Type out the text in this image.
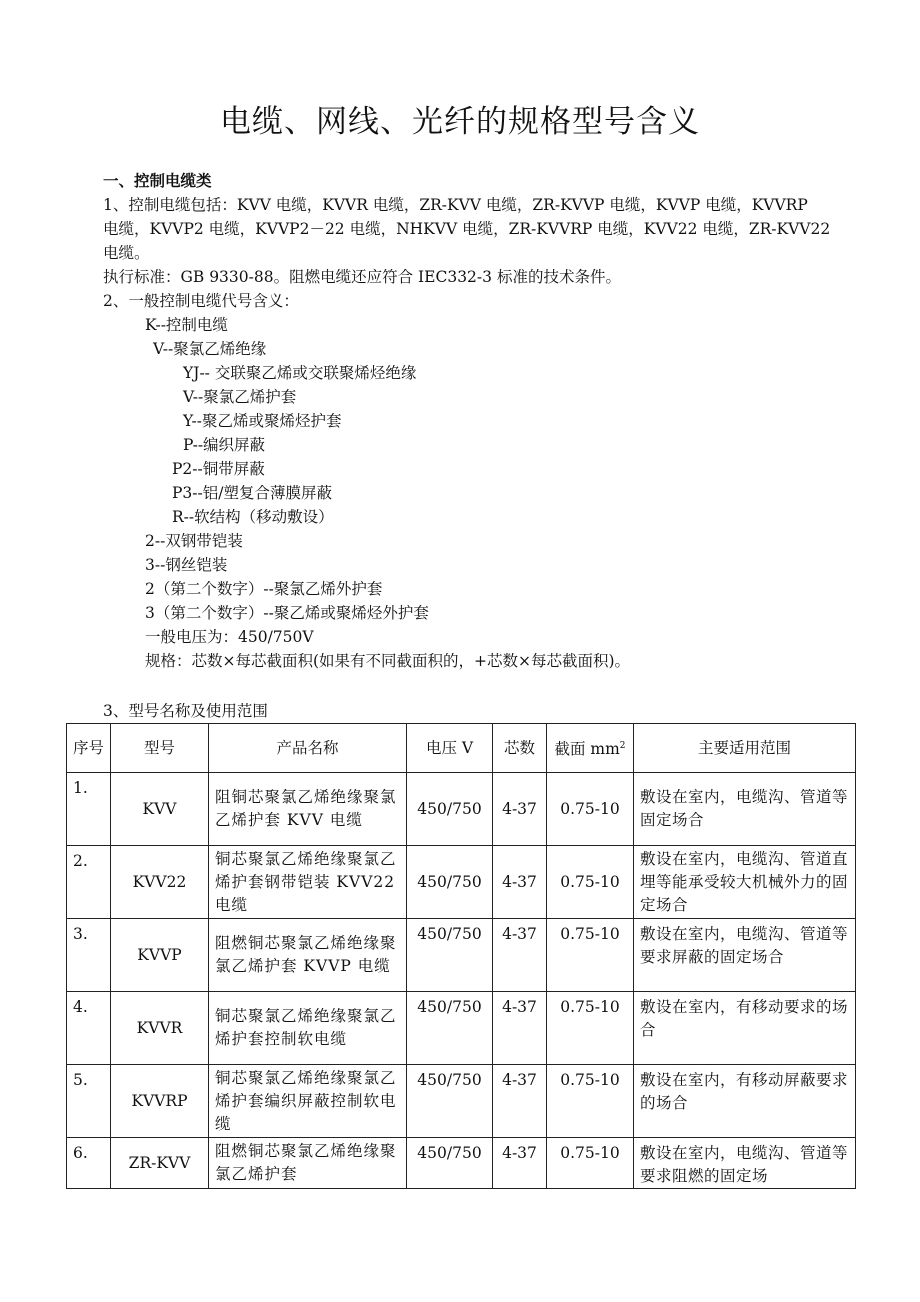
电缆、网线、光纤的规格型号含义
一、控制电缆类
1、控制电缆包括：KVV 电缆，KVVR 电缆，ZR-KVV 电缆，ZR-KVVP 电缆，KVVP 电缆，KVVRP
电缆，KVVP2 电缆，KVVP2－22 电缆，NHKVV 电缆，ZR-KVVRP 电缆，KVV22 电缆，ZR-KVV22
电缆。
执行标准：GB 9330-88。阻燃电缆还应符合 IEC332-3 标准的技术条件。
2、一般控制电缆代号含义：
K--控制电缆
V--聚氯乙烯绝缘
YJ-- 交联聚乙烯或交联聚烯烃绝缘
V--聚氯乙烯护套
Y--聚乙烯或聚烯烃护套
P--编织屏蔽
P2--铜带屏蔽
P3--铝/塑复合薄膜屏蔽
R--软结构（移动敷设）
2--双钢带铠装
3--钢丝铠装
2（第二个数字）--聚氯乙烯外护套
3（第二个数字）--聚乙烯或聚烯烃外护套
一般电压为：450/750V
规格：芯数×每芯截面积(如果有不同截面积的，+芯数×每芯截面积)。
3、型号名称及使用范围
序号	型号	产品名称	电压 V	芯数	截面 $mm^2$	主要适用范围
1.	KVV	阻铜芯聚氯乙烯绝缘聚氯乙烯护套 KVV 电缆	450/750	4-37	0.75-10	敷设在室内，电缆沟、管道等固定场合
2.	KVV22	铜芯聚氯乙烯绝缘聚氯乙烯护套钢带铠装 KVV22 电缆	450/750	4-37	0.75-10	敷设在室内，电缆沟、管道直埋等能承受较大机械外力的固定场合
3.	KVVP	阻燃铜芯聚氯乙烯绝缘聚氯乙烯护套 KVVP 电缆	450/750	4-37	0.75-10	敷设在室内，电缆沟、管道等要求屏蔽的固定场合
4.	KVVR	铜芯聚氯乙烯绝缘聚氯乙烯护套控制软电缆	450/750	4-37	0.75-10	敷设在室内，有移动要求的场合
5.	KVVRP	铜芯聚氯乙烯绝缘聚氯乙烯护套编织屏蔽控制软电缆	450/750	4-37	0.75-10	敷设在室内，有移动屏蔽要求的场合
6.	ZR-KVV	阻燃铜芯聚氯乙烯绝缘聚氯乙烯护套	450/750	4-37	0.75-10	敷设在室内，电缆沟、管道等要求阻燃的固定场
